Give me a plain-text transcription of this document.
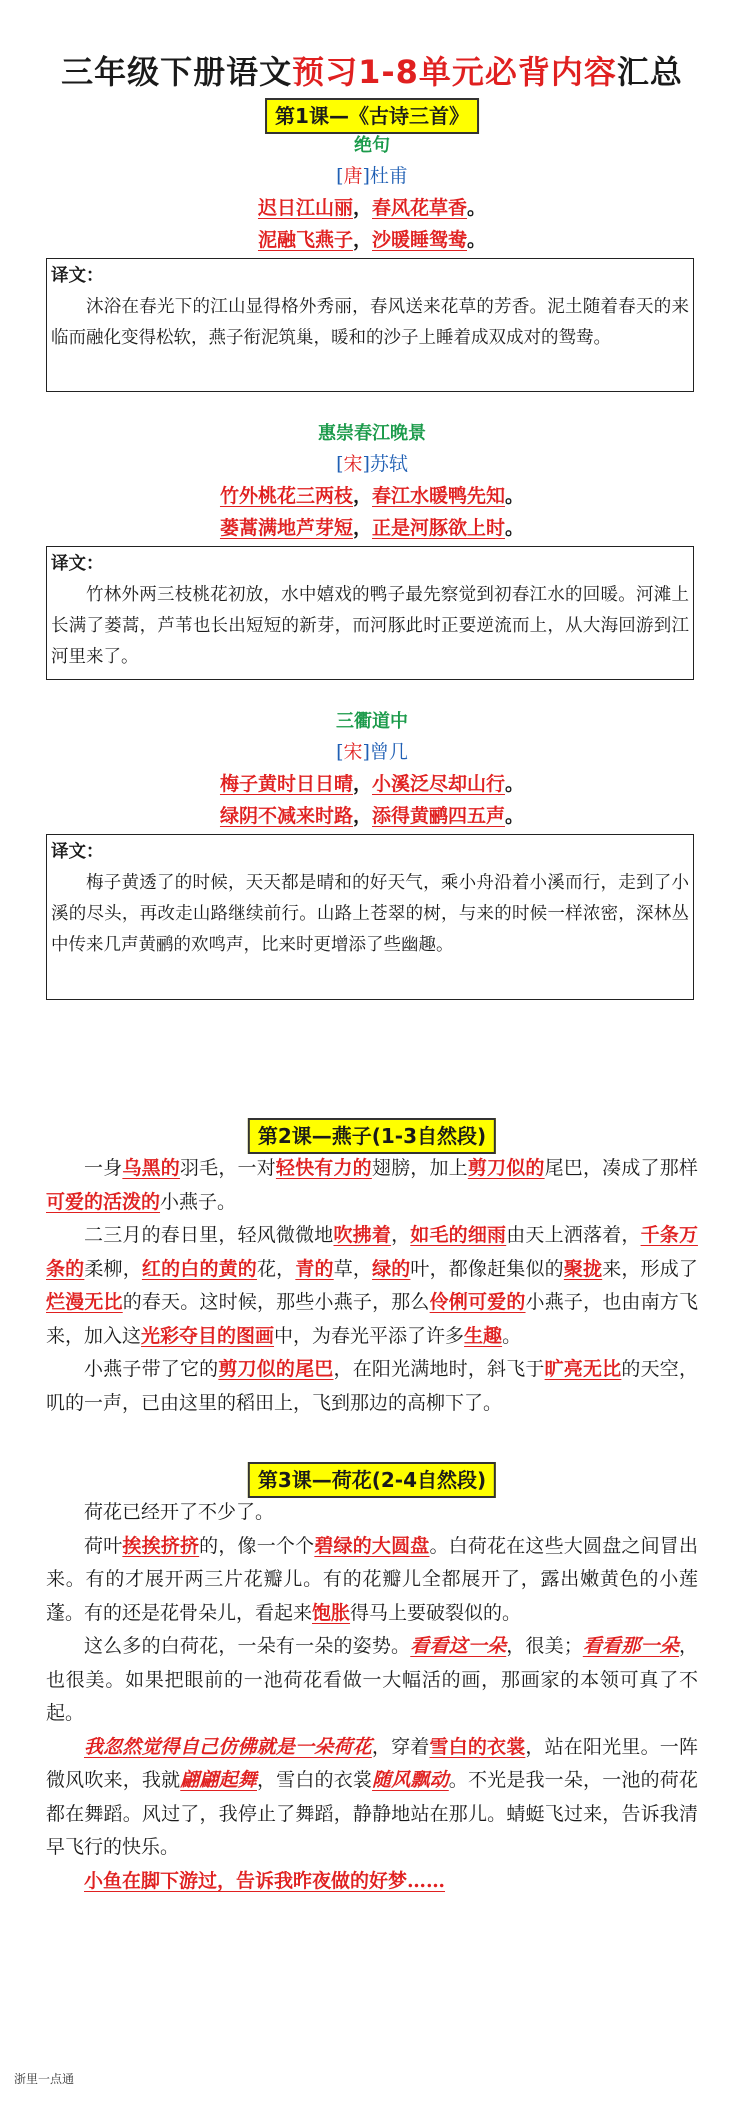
三年级下册语文预习1-8单元必背内容汇总
第1课—《古诗三首》
绝句
[唐]杜甫
迟日江山丽，春风花草香。
泥融飞燕子，沙暖睡鸳鸯。
译文：
沐浴在春光下的江山显得格外秀丽，春风送来花草的芳香。泥土随着春天的来临而融化变得松软，燕子衔泥筑巢，暖和的沙子上睡着成双成对的鸳鸯。
惠崇春江晚景
[宋]苏轼
竹外桃花三两枝，春江水暖鸭先知。
蒌蒿满地芦芽短，正是河豚欲上时。
译文：
竹林外两三枝桃花初放，水中嬉戏的鸭子最先察觉到初春江水的回暖。河滩上长满了蒌蒿，芦苇也长出短短的新芽，而河豚此时正要逆流而上，从大海回游到江河里来了。
三衢道中
[宋]曾几
梅子黄时日日晴，小溪泛尽却山行。
绿阴不减来时路，添得黄鹂四五声。
译文：
梅子黄透了的时候，天天都是晴和的好天气，乘小舟沿着小溪而行，走到了小溪的尽头，再改走山路继续前行。山路上苍翠的树，与来的时候一样浓密，深林丛中传来几声黄鹂的欢鸣声，比来时更增添了些幽趣。
第2课—燕子(1-3自然段)
一身乌黑的羽毛，一对轻快有力的翅膀，加上剪刀似的尾巴，凑成了那样可爱的活泼的小燕子。
二三月的春日里，轻风微微地吹拂着，如毛的细雨由天上洒落着，千条万条的柔柳，红的白的黄的花，青的草，绿的叶，都像赶集似的聚拢来，形成了烂漫无比的春天。这时候，那些小燕子，那么伶俐可爱的小燕子，也由南方飞来，加入这光彩夺目的图画中，为春光平添了许多生趣。
小燕子带了它的剪刀似的尾巴，在阳光满地时，斜飞于旷亮无比的天空，叽的一声，已由这里的稻田上，飞到那边的高柳下了。
第3课—荷花(2-4自然段)
荷花已经开了不少了。
荷叶挨挨挤挤的，像一个个碧绿的大圆盘。白荷花在这些大圆盘之间冒出来。有的才展开两三片花瓣儿。有的花瓣儿全都展开了，露出嫩黄色的小莲蓬。有的还是花骨朵儿，看起来饱胀得马上要破裂似的。
这么多的白荷花，一朵有一朵的姿势。看看这一朵，很美；看看那一朵，也很美。如果把眼前的一池荷花看做一大幅活的画，那画家的本领可真了不起。
我忽然觉得自己仿佛就是一朵荷花，穿着雪白的衣裳，站在阳光里。一阵微风吹来，我就翩翩起舞，雪白的衣裳随风飘动。不光是我一朵，一池的荷花都在舞蹈。风过了，我停止了舞蹈，静静地站在那儿。蜻蜓飞过来，告诉我清早飞行的快乐。
小鱼在脚下游过，告诉我昨夜做的好梦……
浙里一点通
